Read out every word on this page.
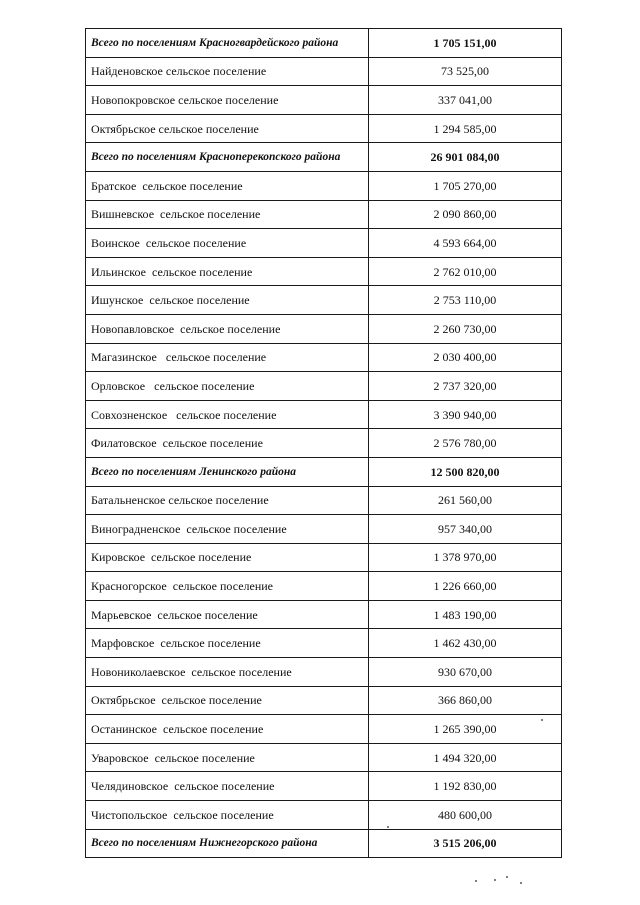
Всего по поселениям Красногвардейского района	1 705 151,00
Найденовское сельское поселение	73 525,00
Новопокровское сельское поселение	337 041,00
Октябрьское сельское поселение	1 294 585,00
Всего по поселениям Красноперекопского района	26 901 084,00
Братское  сельское поселение	1 705 270,00
Вишневское  сельское поселение	2 090 860,00
Воинское  сельское поселение	4 593 664,00
Ильинское  сельское поселение	2 762 010,00
Ишунское  сельское поселение	2 753 110,00
Новопавловское  сельское поселение	2 260 730,00
Магазинское   сельское поселение	2 030 400,00
Орловское   сельское поселение	2 737 320,00
Совхозненское   сельское поселение	3 390 940,00
Филатовское  сельское поселение	2 576 780,00
Всего по поселениям Ленинского района	12 500 820,00
Батальненское сельское поселение	261 560,00
Виноградненское  сельское поселение	957 340,00
Кировское  сельское поселение	1 378 970,00
Красногорское  сельское поселение	1 226 660,00
Марьевское  сельское поселение	1 483 190,00
Марфовское  сельское поселение	1 462 430,00
Новониколаевское  сельское поселение	930 670,00
Октябрьское  сельское поселение	366 860,00
Останинское  сельское поселение	1 265 390,00
Уваровское  сельское поселение	1 494 320,00
Челядиновское  сельское поселение	1 192 830,00
Чистопольское  сельское поселение	480 600,00
Всего по поселениям Нижнегорского района	3 515 206,00
